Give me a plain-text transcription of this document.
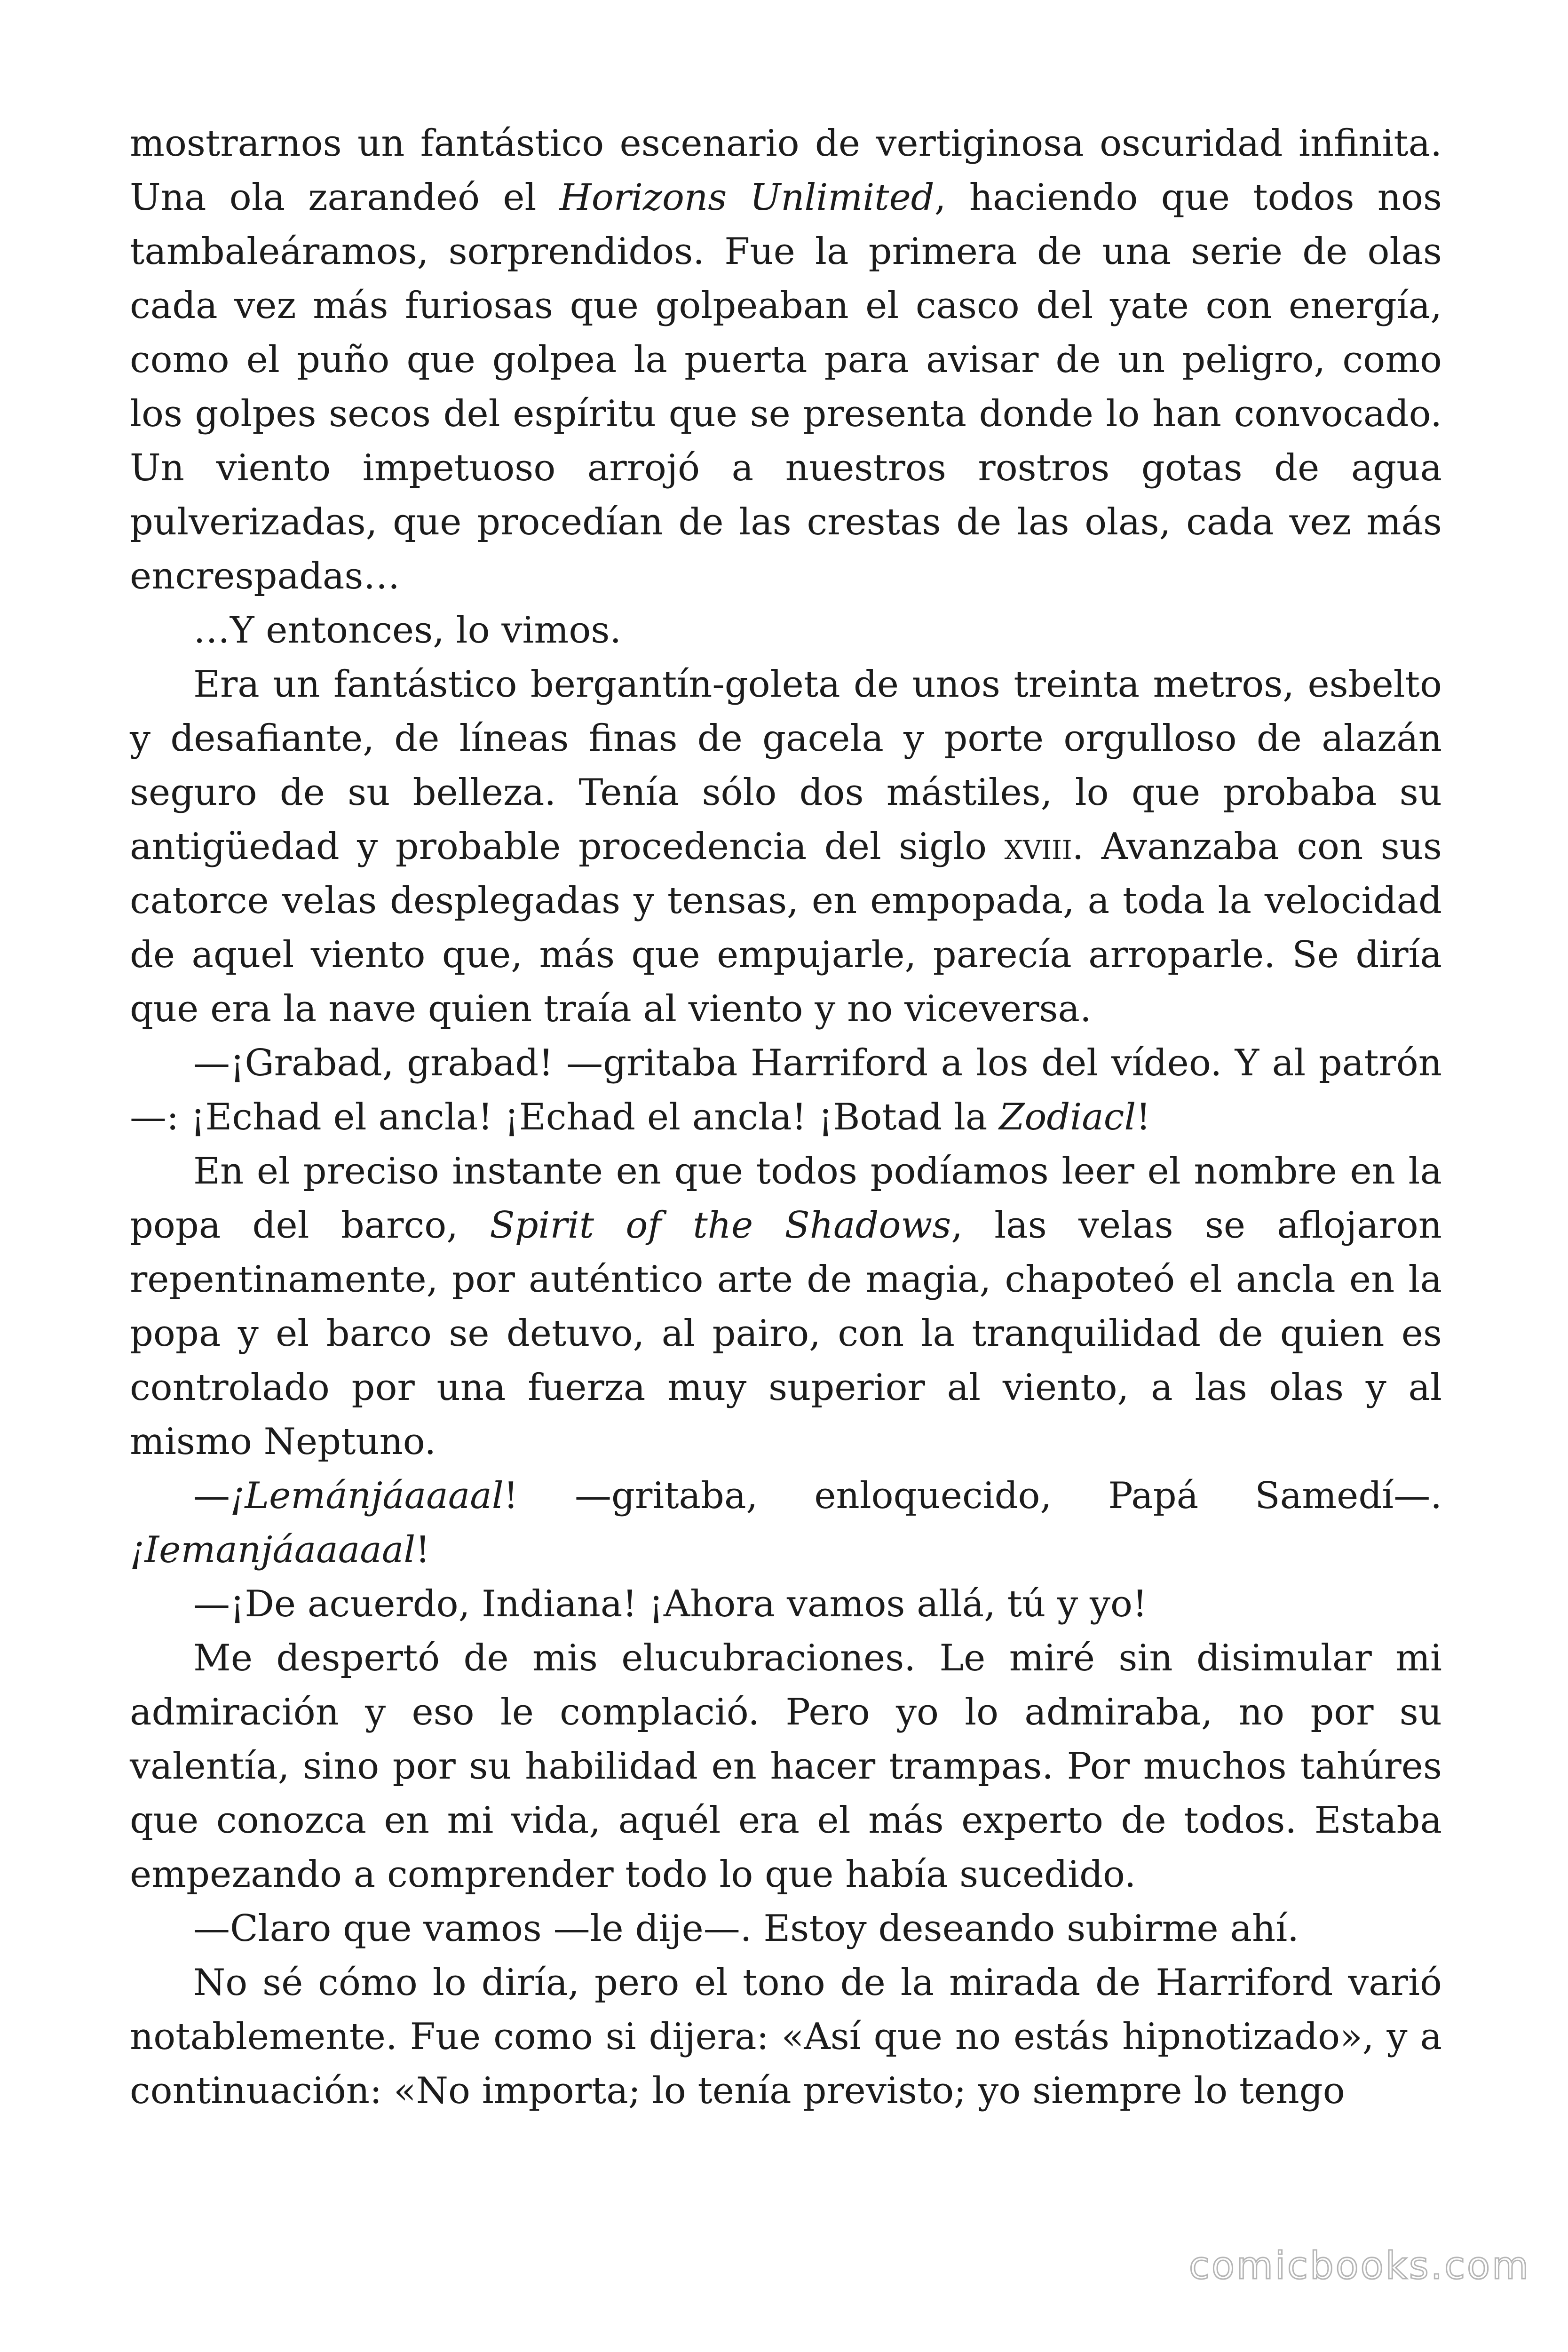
mostrarnos un fantástico escenario de vertiginosa oscuridad infinita. Una ola zarandeó el Horizons Unlimited, haciendo que todos nos tambaleáramos, sorprendidos. Fue la primera de una serie de olas cada vez más furiosas que golpeaban el casco del yate con energía, como el puño que golpea la puerta para avisar de un peligro, como los golpes secos del espíritu que se presenta donde lo han convocado. Un viento impetuoso arrojó a nuestros rostros gotas de agua pulverizadas, que procedían de las crestas de las olas, cada vez más encrespadas…

…Y entonces, lo vimos.

Era un fantástico bergantín-goleta de unos treinta metros, esbelto y desafiante, de líneas finas de gacela y porte orgulloso de alazán seguro de su belleza. Tenía sólo dos mástiles, lo que probaba su antigüedad y probable procedencia del siglo xviii. Avanzaba con sus catorce velas desplegadas y tensas, en empopada, a toda la velocidad de aquel viento que, más que empujarle, parecía arroparle. Se diría que era la nave quien traía al viento y no viceversa.

—¡Grabad, grabad! —gritaba Harriford a los del vídeo. Y al patrón—: ¡Echad el ancla! ¡Echad el ancla! ¡Botad la Zodiacl!

En el preciso instante en que todos podíamos leer el nombre en la popa del barco, Spirit of the Shadows, las velas se aflojaron repentinamente, por auténtico arte de magia, chapoteó el ancla en la popa y el barco se detuvo, al pairo, con la tranquilidad de quien es controlado por una fuerza muy superior al viento, a las olas y al mismo Neptuno.

—¡Lemánjáaaaal! —gritaba, enloquecido, Papá Samedí—. ¡Iemanjáaaaaal!

—¡De acuerdo, Indiana! ¡Ahora vamos allá, tú y yo!

Me despertó de mis elucubraciones. Le miré sin disimular mi admiración y eso le complació. Pero yo lo admiraba, no por su valentía, sino por su habilidad en hacer trampas. Por muchos tahúres que conozca en mi vida, aquél era el más experto de todos. Estaba empezando a comprender todo lo que había sucedido.

—Claro que vamos —le dije—. Estoy deseando subirme ahí.

No sé cómo lo diría, pero el tono de la mirada de Harriford varió notablemente. Fue como si dijera: «Así que no estás hipnotizado», y a continuación: «No importa; lo tenía previsto; yo siempre lo tengo

comicbooks.com
